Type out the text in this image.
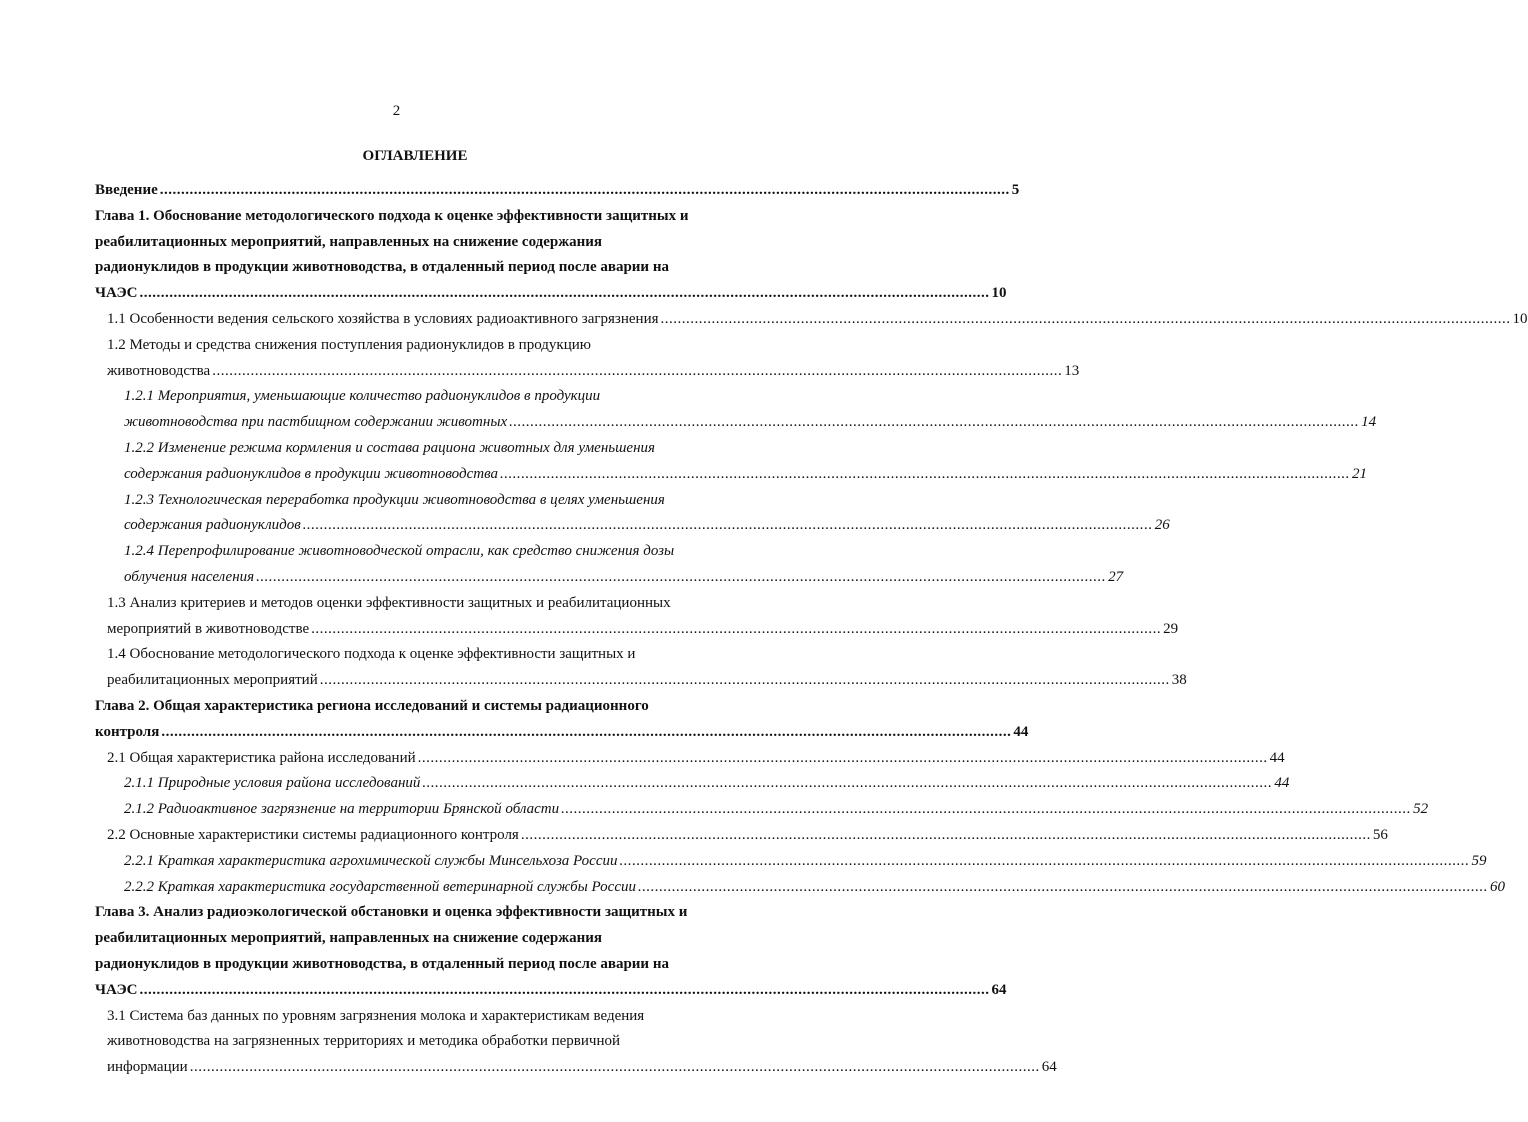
2
ОГЛАВЛЕНИЕ
Введение ........................................................................................................................................................................................................ 5
Глава 1. Обоснование методологического подхода к оценке эффективности защитных и
реабилитационных мероприятий, направленных на снижение содержания
радионуклидов в продукции животноводства, в отдаленный период после аварии на
ЧАЭС ........................................................................................................................................................................................................ 10
1.1 Особенности ведения сельского хозяйства в условиях радиоактивного загрязнения ........................................................................................................................................................................................................ 10
1.2 Методы и средства снижения поступления радионуклидов в продукцию
животноводства ........................................................................................................................................................................................................ 13
1.2.1 Мероприятия, уменьшающие количество радионуклидов в продукции
животноводства при пастбищном содержании животных ........................................................................................................................................................................................................ 14
1.2.2 Изменение режима кормления и состава рациона животных для уменьшения
содержания радионуклидов в продукции животноводства ........................................................................................................................................................................................................ 21
1.2.3 Технологическая переработка продукции животноводства в целях уменьшения
содержания радионуклидов ........................................................................................................................................................................................................ 26
1.2.4 Перепрофилирование животноводческой отрасли, как средство снижения дозы
облучения населения ........................................................................................................................................................................................................ 27
1.3 Анализ критериев и методов оценки эффективности защитных и реабилитационных
мероприятий в животноводстве ........................................................................................................................................................................................................ 29
1.4 Обоснование методологического подхода к оценке эффективности защитных и
реабилитационных мероприятий ........................................................................................................................................................................................................ 38
Глава 2. Общая характеристика региона исследований и системы радиационного
контроля ........................................................................................................................................................................................................ 44
2.1 Общая характеристика района исследований ........................................................................................................................................................................................................ 44
2.1.1 Природные условия района исследований ........................................................................................................................................................................................................ 44
2.1.2 Радиоактивное загрязнение на территории Брянской области ........................................................................................................................................................................................................ 52
2.2 Основные характеристики системы радиационного контроля ........................................................................................................................................................................................................ 56
2.2.1 Краткая характеристика агрохимической службы Минсельхоза России ........................................................................................................................................................................................................ 59
2.2.2 Краткая характеристика государственной ветеринарной службы России ........................................................................................................................................................................................................ 60
Глава 3. Анализ радиоэкологической обстановки и оценка эффективности защитных и
реабилитационных мероприятий, направленных на снижение содержания
радионуклидов в продукции животноводства, в отдаленный период после аварии на
ЧАЭС ........................................................................................................................................................................................................ 64
3.1 Система баз данных по уровням загрязнения молока и характеристикам ведения
животноводства на загрязненных территориях и методика обработки первичной
информации ........................................................................................................................................................................................................ 64
